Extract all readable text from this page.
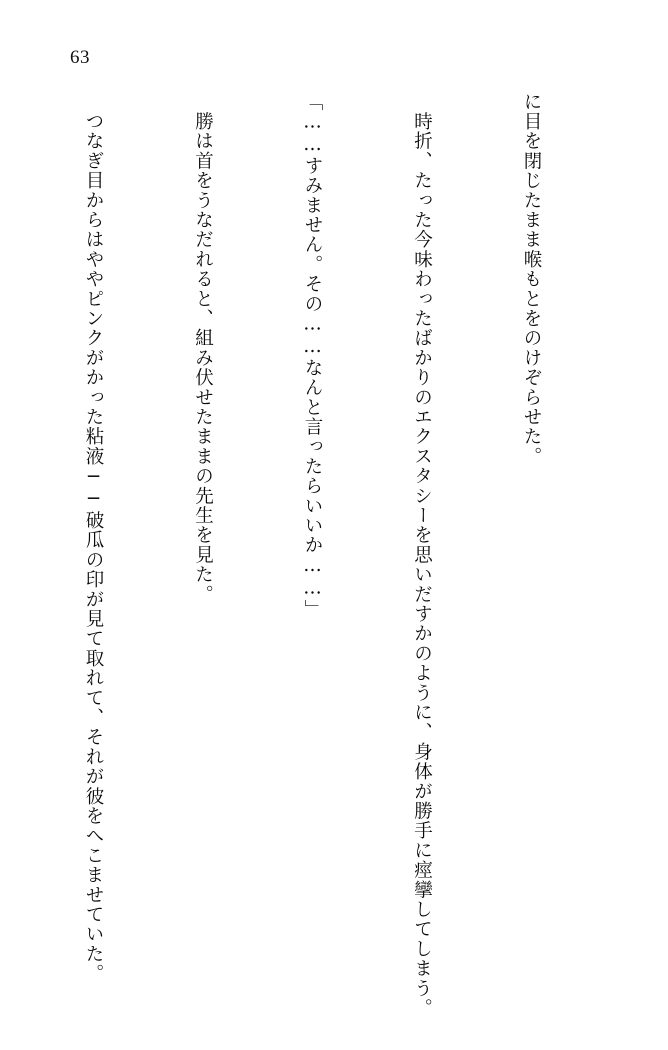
63

に目を閉じたまま喉もとをのけぞらせた。

　時折、たった今味わったばかりのエクスタシーを思いだすかのように、身体が勝手に痙攣してしまう。

「……すみません。その……なんと言ったらいいか……」

　勝は首をうなだれると、組み伏せたままの先生を見た。

　つなぎ目からはややピンクがかった粘液──破瓜の印が見て取れて、それが彼をへこませていた。
